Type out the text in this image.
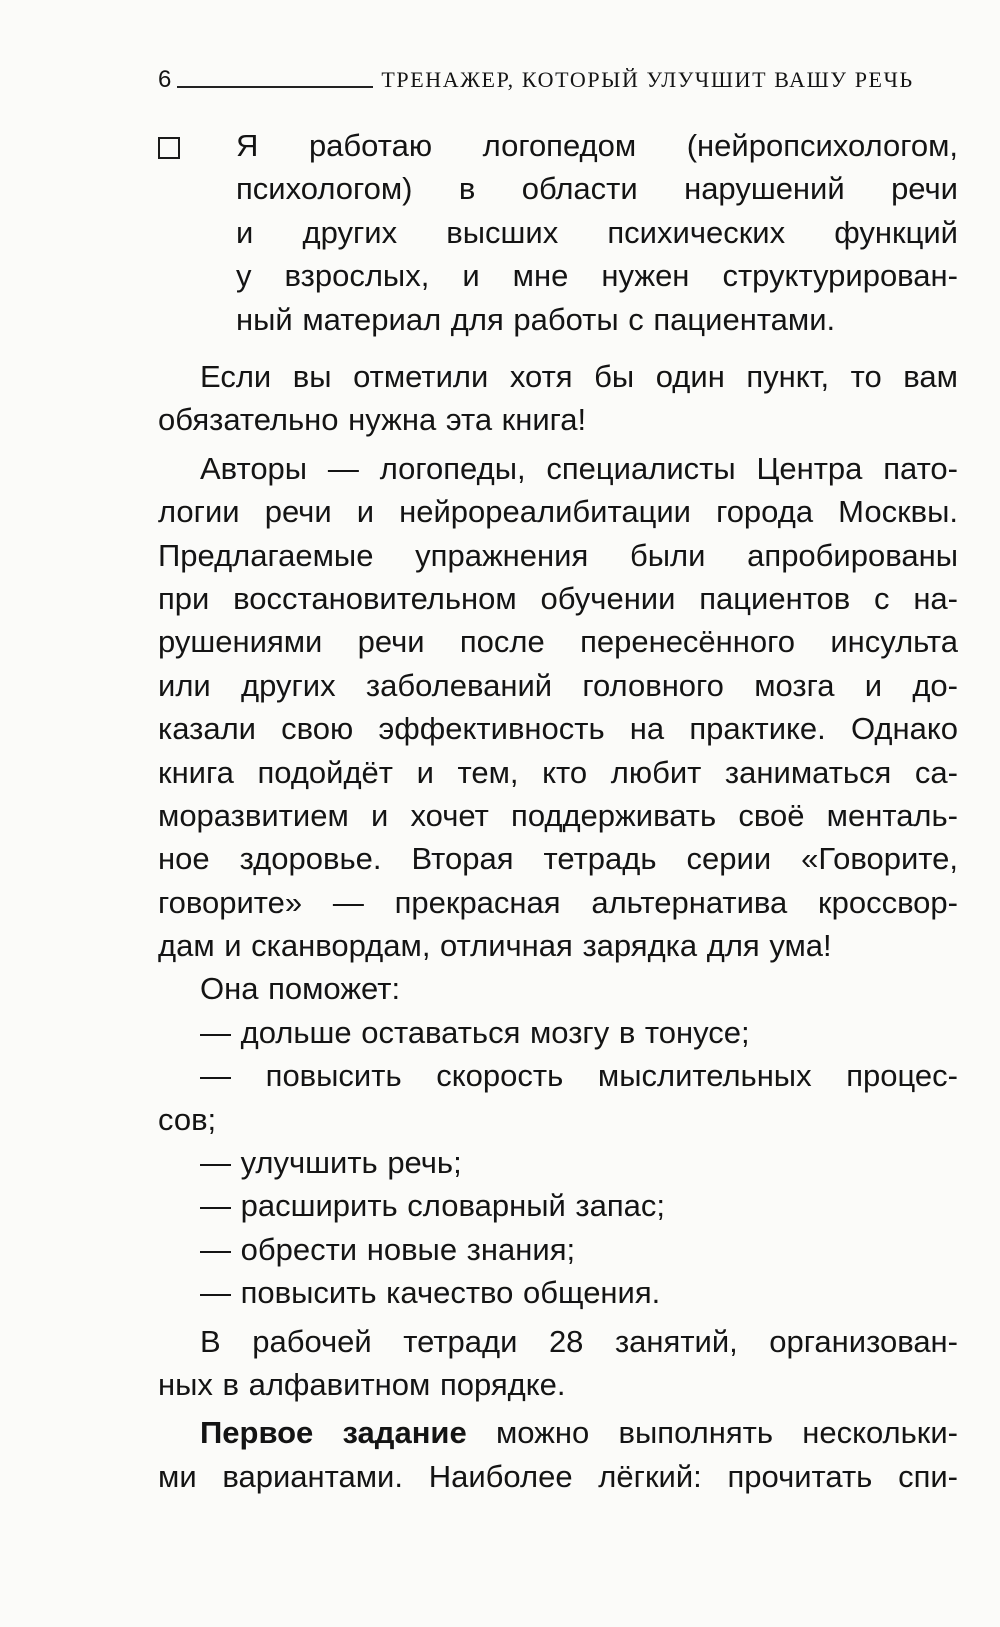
6	ТРЕНАЖЕР, КОТОРЫЙ УЛУЧШИТ ВАШУ РЕЧЬ
Я работаю логопедом (нейропсихологом,
психологом) в области нарушений речи
и других высших психических функций
у взрослых, и мне нужен структурирован-
ный материал для работы с пациентами.
Если вы отметили хотя бы один пункт, то вам
обязательно нужна эта книга!
Авторы — логопеды, специалисты Центра пато-
логии речи и нейрореалибитации города Москвы.
Предлагаемые упражнения были апробированы
при восстановительном обучении пациентов с на-
рушениями речи после перенесённого инсульта
или других заболеваний головного мозга и до-
казали свою эффективность на практике. Однако
книга подойдёт и тем, кто любит заниматься са-
моразвитием и хочет поддерживать своё менталь-
ное здоровье. Вторая тетрадь серии «Говорите,
говорите» — прекрасная альтернатива кроссвор-
дам и сканвордам, отличная зарядка для ума!
Она поможет:
— дольше оставаться мозгу в тонусе;
— повысить скорость мыслительных процес-
сов;
— улучшить речь;
— расширить словарный запас;
— обрести новые знания;
— повысить качество общения.
В рабочей тетради 28 занятий, организован-
ных в алфавитном порядке.
Первое задание можно выполнять нескольки-
ми вариантами. Наиболее лёгкий: прочитать спи-
